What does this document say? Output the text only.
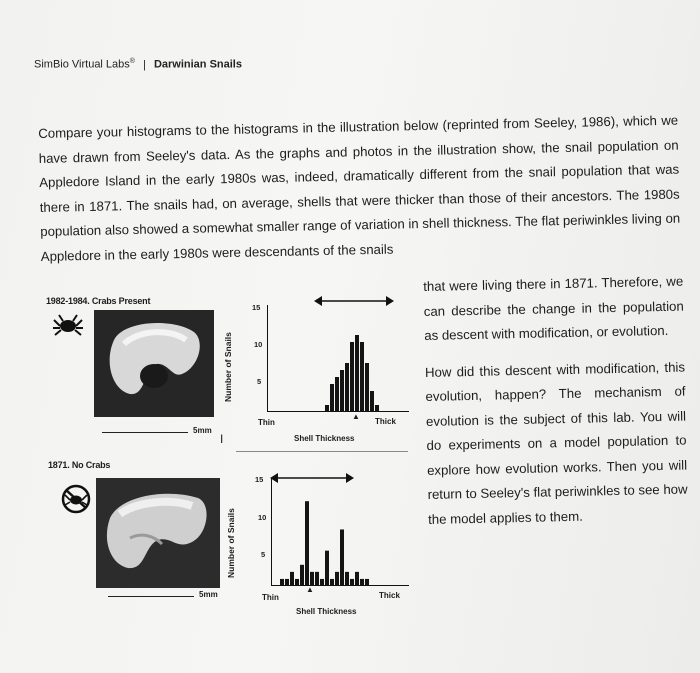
SimBio Virtual Labs® | Darwinian Snails

Compare your histograms to the histograms in the illustration below (reprinted from Seeley, 1986), which we have drawn from Seeley's data. As the graphs and photos in the illustration show, the snail population on Appledore Island in the early 1980s was, indeed, dramatically different from the snail population that was there in 1871. The snails had, on average, shells that were thicker than those of their ancestors. The 1980s population also showed a somewhat smaller range of variation in shell thickness. The flat periwinkles living on Appledore in the early 1980s were descendants of the snails

that were living there in 1871. Therefore, we can describe the change in the population as descent with modification, or evolution.

How did this descent with modification, this evolution, happen? The mechanism of evolution is the subject of this lab. You will do experiments on a model population to explore how evolution works. Then you will return to Seeley's flat periwinkles to see how the model applies to them.

1982-1984. Crabs Present
5mm
I
Number of Snails
15
10
5
Thin
▲
Thick
Shell Thickness
1871. No Crabs
5mm
Number of Snails
15
10
5
Thin
▲
Thick
Shell Thickness
